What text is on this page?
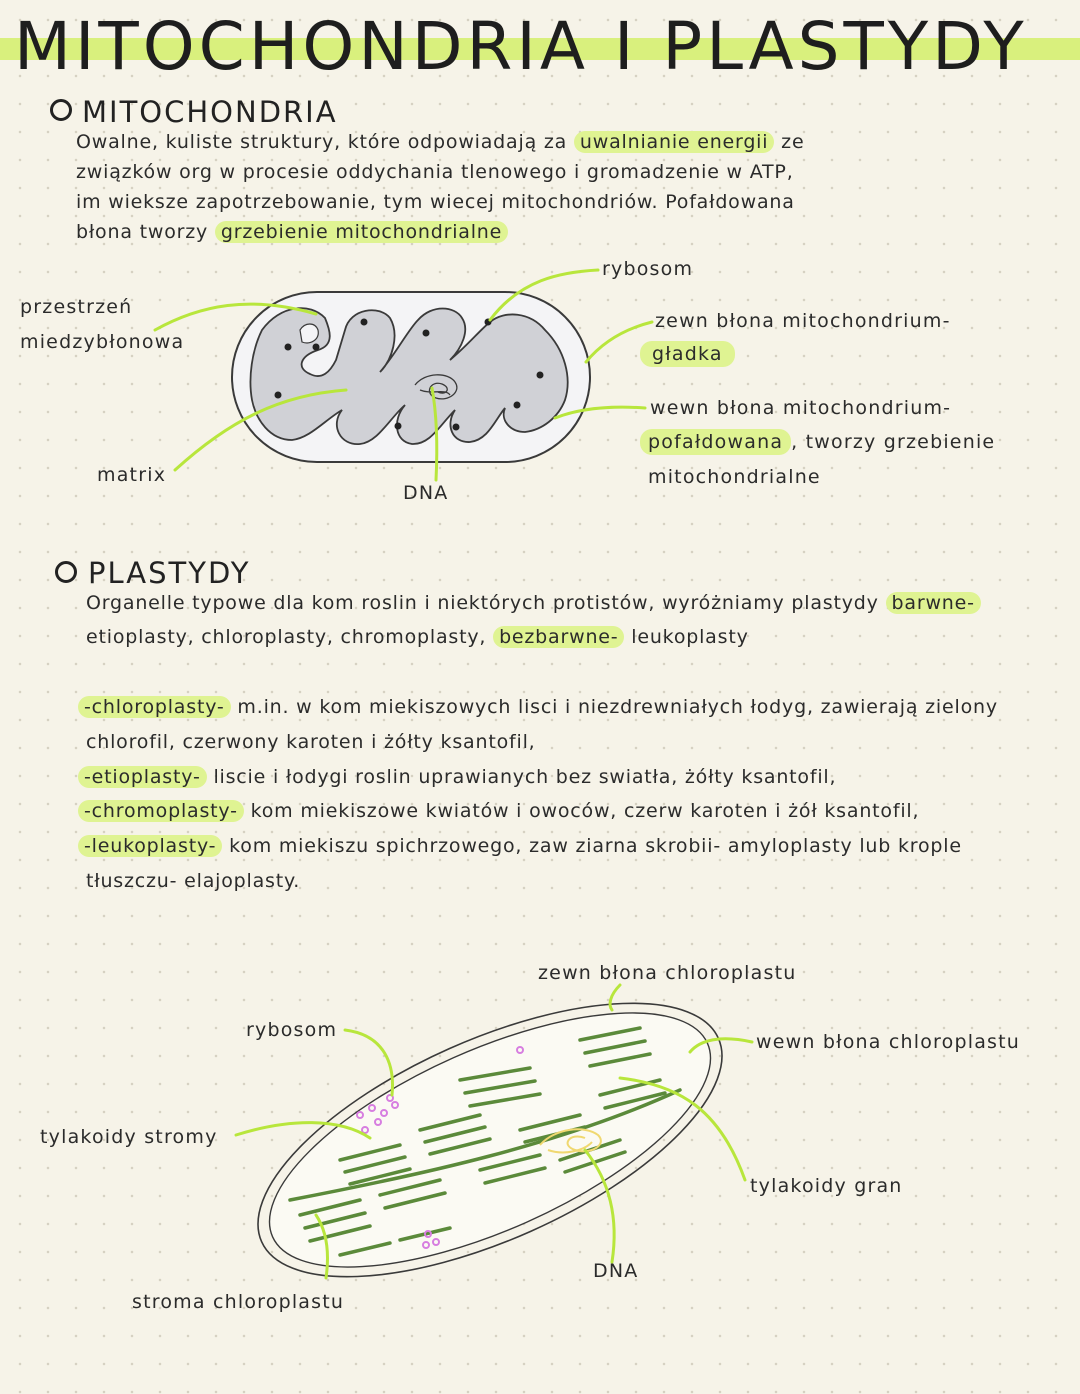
MITOCHONDRIA I PLASTYDY
MITOCHONDRIA
Owalne, kuliste struktury, które odpowiadają za uwalnianie energii ze
związków org w procesie oddychania tlenowego i gromadzenie w ATP,
im wieksze zapotrzebowanie, tym wiecej mitochondriów. Pofałdowana
błona tworzy grzebienie mitochondrialne
rybosom
przestrzeń
miedzybłonowa
zewn błona mitochondrium-
gładka
wewn błona mitochondrium-
pofałdowana , tworzy grzebienie
mitochondrialne
matrix
DNA
PLASTYDY
Organelle typowe dla kom roslin i niektórych protistów, wyróżniamy plastydy barwne-
etioplasty, chloroplasty, chromoplasty, bezbarwne- leukoplasty
-chloroplasty- m.in. w kom miekiszowych lisci i niezdrewniałych łodyg, zawierają zielony
chlorofil, czerwony karoten i żółty ksantofil,
-etioplasty- liscie i łodygi roslin uprawianych bez swiatła, żółty ksantofil,
-chromoplasty- kom miekiszowe kwiatów i owoców, czerw karoten i żół ksantofil,
-leukoplasty- kom miekiszu spichrzowego, zaw ziarna skrobii- amyloplasty lub krople
tłuszczu- elajoplasty.
zewn błona chloroplastu
rybosom
wewn błona chloroplastu
tylakoidy stromy
tylakoidy gran
DNA
stroma chloroplastu
